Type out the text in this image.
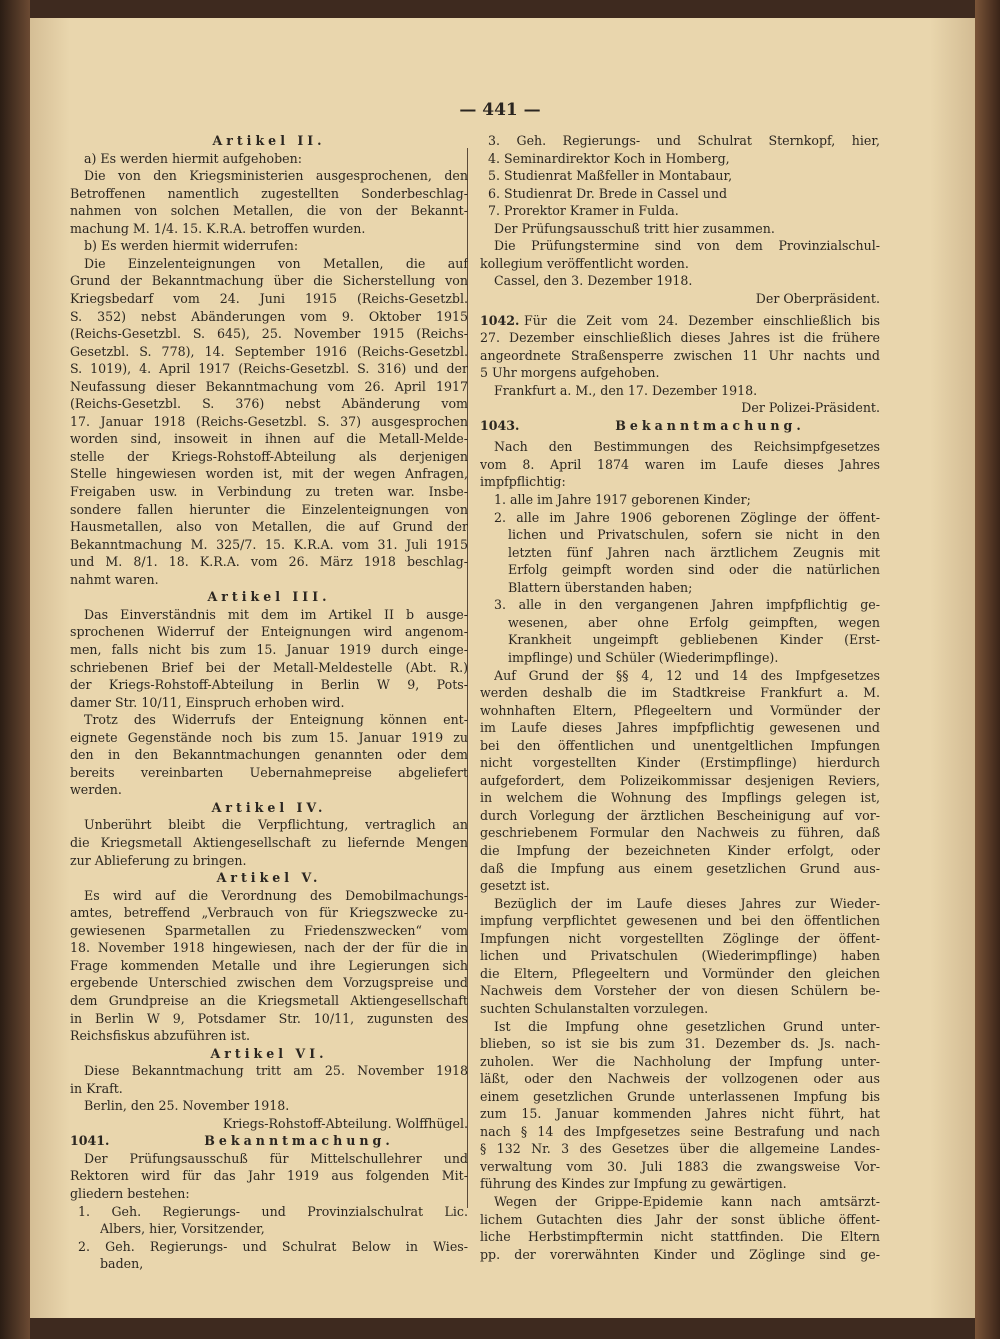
— 441 —
Artikel II.
a) Es werden hiermit aufgehoben:
Die von den Kriegsministerien ausgesprochenen, den
Betroffenen namentlich zugestellten Sonderbeschlag-
nahmen von solchen Metallen, die von der Bekannt-
machung M. 1/4. 15. K.R.A. betroffen wurden.
b) Es werden hiermit widerrufen:
Die Einzelenteignungen von Metallen, die auf
Grund der Bekanntmachung über die Sicherstellung von
Kriegsbedarf vom 24. Juni 1915 (Reichs-Gesetzbl.
S. 352) nebst Abänderungen vom 9. Oktober 1915
(Reichs-Gesetzbl. S. 645), 25. November 1915 (Reichs-
Gesetzbl. S. 778), 14. September 1916 (Reichs-Gesetzbl.
S. 1019), 4. April 1917 (Reichs-Gesetzbl. S. 316) und der
Neufassung dieser Bekanntmachung vom 26. April 1917
(Reichs-Gesetzbl. S. 376) nebst Abänderung vom
17. Januar 1918 (Reichs-Gesetzbl. S. 37) ausgesprochen
worden sind, insoweit in ihnen auf die Metall-Melde-
stelle der Kriegs-Rohstoff-Abteilung als derjenigen
Stelle hingewiesen worden ist, mit der wegen Anfragen,
Freigaben usw. in Verbindung zu treten war. Insbe-
sondere fallen hierunter die Einzelenteignungen von
Hausmetallen, also von Metallen, die auf Grund der
Bekanntmachung M. 325/7. 15. K.R.A. vom 31. Juli 1915
und M. 8/1. 18. K.R.A. vom 26. März 1918 beschlag-
nahmt waren.
Artikel III.
Das Einverständnis mit dem im Artikel II b ausge-
sprochenen Widerruf der Enteignungen wird angenom-
men, falls nicht bis zum 15. Januar 1919 durch einge-
schriebenen Brief bei der Metall-Meldestelle (Abt. R.)
der Kriegs-Rohstoff-Abteilung in Berlin W 9, Pots-
damer Str. 10/11, Einspruch erhoben wird.
Trotz des Widerrufs der Enteignung können ent-
eignete Gegenstände noch bis zum 15. Januar 1919 zu
den in den Bekanntmachungen genannten oder dem
bereits vereinbarten Uebernahmepreise abgeliefert
werden.
Artikel IV.
Unberührt bleibt die Verpflichtung, vertraglich an
die Kriegsmetall Aktiengesellschaft zu liefernde Mengen
zur Ablieferung zu bringen.
Artikel V.
Es wird auf die Verordnung des Demobilmachungs-
amtes, betreffend „Verbrauch von für Kriegszwecke zu-
gewiesenen Sparmetallen zu Friedenszwecken“ vom
18. November 1918 hingewiesen, nach der der für die in
Frage kommenden Metalle und ihre Legierungen sich
ergebende Unterschied zwischen dem Vorzugspreise und
dem Grundpreise an die Kriegsmetall Aktiengesellschaft
in Berlin W 9, Potsdamer Str. 10/11, zugunsten des
Reichsfiskus abzuführen ist.
Artikel VI.
Diese Bekanntmachung tritt am 25. November 1918
in Kraft.
Berlin, den 25. November 1918.
Kriegs-Rohstoff-Abteilung. Wolffhügel.
1041.	Bekanntmachung.
Der Prüfungsausschuß für Mittelschullehrer und
Rektoren wird für das Jahr 1919 aus folgenden Mit-
gliedern bestehen:
1. Geh. Regierungs- und Provinzialschulrat Lic.
Albers, hier, Vorsitzender,
2. Geh. Regierungs- und Schulrat Below in Wies-
baden,
3. Geh. Regierungs- und Schulrat Sternkopf, hier,
4. Seminardirektor Koch in Homberg,
5. Studienrat Maßfeller in Montabaur,
6. Studienrat Dr. Brede in Cassel und
7. Prorektor Kramer in Fulda.
Der Prüfungsausschuß tritt hier zusammen.
Die Prüfungstermine sind von dem Provinzialschul-
kollegium veröffentlicht worden.
Cassel, den 3. Dezember 1918.
Der Oberpräsident.
1042. Für die Zeit vom 24. Dezember einschließlich bis
27. Dezember einschließlich dieses Jahres ist die frühere
angeordnete Straßensperre zwischen 11 Uhr nachts und
5 Uhr morgens aufgehoben.
Frankfurt a. M., den 17. Dezember 1918.
Der Polizei-Präsident.
1043.	Bekanntmachung.
Nach den Bestimmungen des Reichsimpfgesetzes
vom 8. April 1874 waren im Laufe dieses Jahres
impfpflichtig:
1. alle im Jahre 1917 geborenen Kinder;
2. alle im Jahre 1906 geborenen Zöglinge der öffent-
lichen und Privatschulen, sofern sie nicht in den
letzten fünf Jahren nach ärztlichem Zeugnis mit
Erfolg geimpft worden sind oder die natürlichen
Blattern überstanden haben;
3. alle in den vergangenen Jahren impfpflichtig ge-
wesenen, aber ohne Erfolg geimpften, wegen
Krankheit ungeimpft gebliebenen Kinder (Erst-
impflinge) und Schüler (Wiederimpflinge).
Auf Grund der §§ 4, 12 und 14 des Impfgesetzes
werden deshalb die im Stadtkreise Frankfurt a. M.
wohnhaften Eltern, Pflegeeltern und Vormünder der
im Laufe dieses Jahres impfpflichtig gewesenen und
bei den öffentlichen und unentgeltlichen Impfungen
nicht vorgestellten Kinder (Erstimpflinge) hierdurch
aufgefordert, dem Polizeikommissar desjenigen Reviers,
in welchem die Wohnung des Impflings gelegen ist,
durch Vorlegung der ärztlichen Bescheinigung auf vor-
geschriebenem Formular den Nachweis zu führen, daß
die Impfung der bezeichneten Kinder erfolgt, oder
daß die Impfung aus einem gesetzlichen Grund aus-
gesetzt ist.
Bezüglich der im Laufe dieses Jahres zur Wieder-
impfung verpflichtet gewesenen und bei den öffentlichen
Impfungen nicht vorgestellten Zöglinge der öffent-
lichen und Privatschulen (Wiederimpflinge) haben
die Eltern, Pflegeeltern und Vormünder den gleichen
Nachweis dem Vorsteher der von diesen Schülern be-
suchten Schulanstalten vorzulegen.
Ist die Impfung ohne gesetzlichen Grund unter-
blieben, so ist sie bis zum 31. Dezember ds. Js. nach-
zuholen. Wer die Nachholung der Impfung unter-
läßt, oder den Nachweis der vollzogenen oder aus
einem gesetzlichen Grunde unterlassenen Impfung bis
zum 15. Januar kommenden Jahres nicht führt, hat
nach § 14 des Impfgesetzes seine Bestrafung und nach
§ 132 Nr. 3 des Gesetzes über die allgemeine Landes-
verwaltung vom 30. Juli 1883 die zwangsweise Vor-
führung des Kindes zur Impfung zu gewärtigen.
Wegen der Grippe-Epidemie kann nach amtsärzt-
lichem Gutachten dies Jahr der sonst übliche öffent-
liche Herbstimpftermin nicht stattfinden. Die Eltern
pp. der vorerwähnten Kinder und Zöglinge sind ge-
